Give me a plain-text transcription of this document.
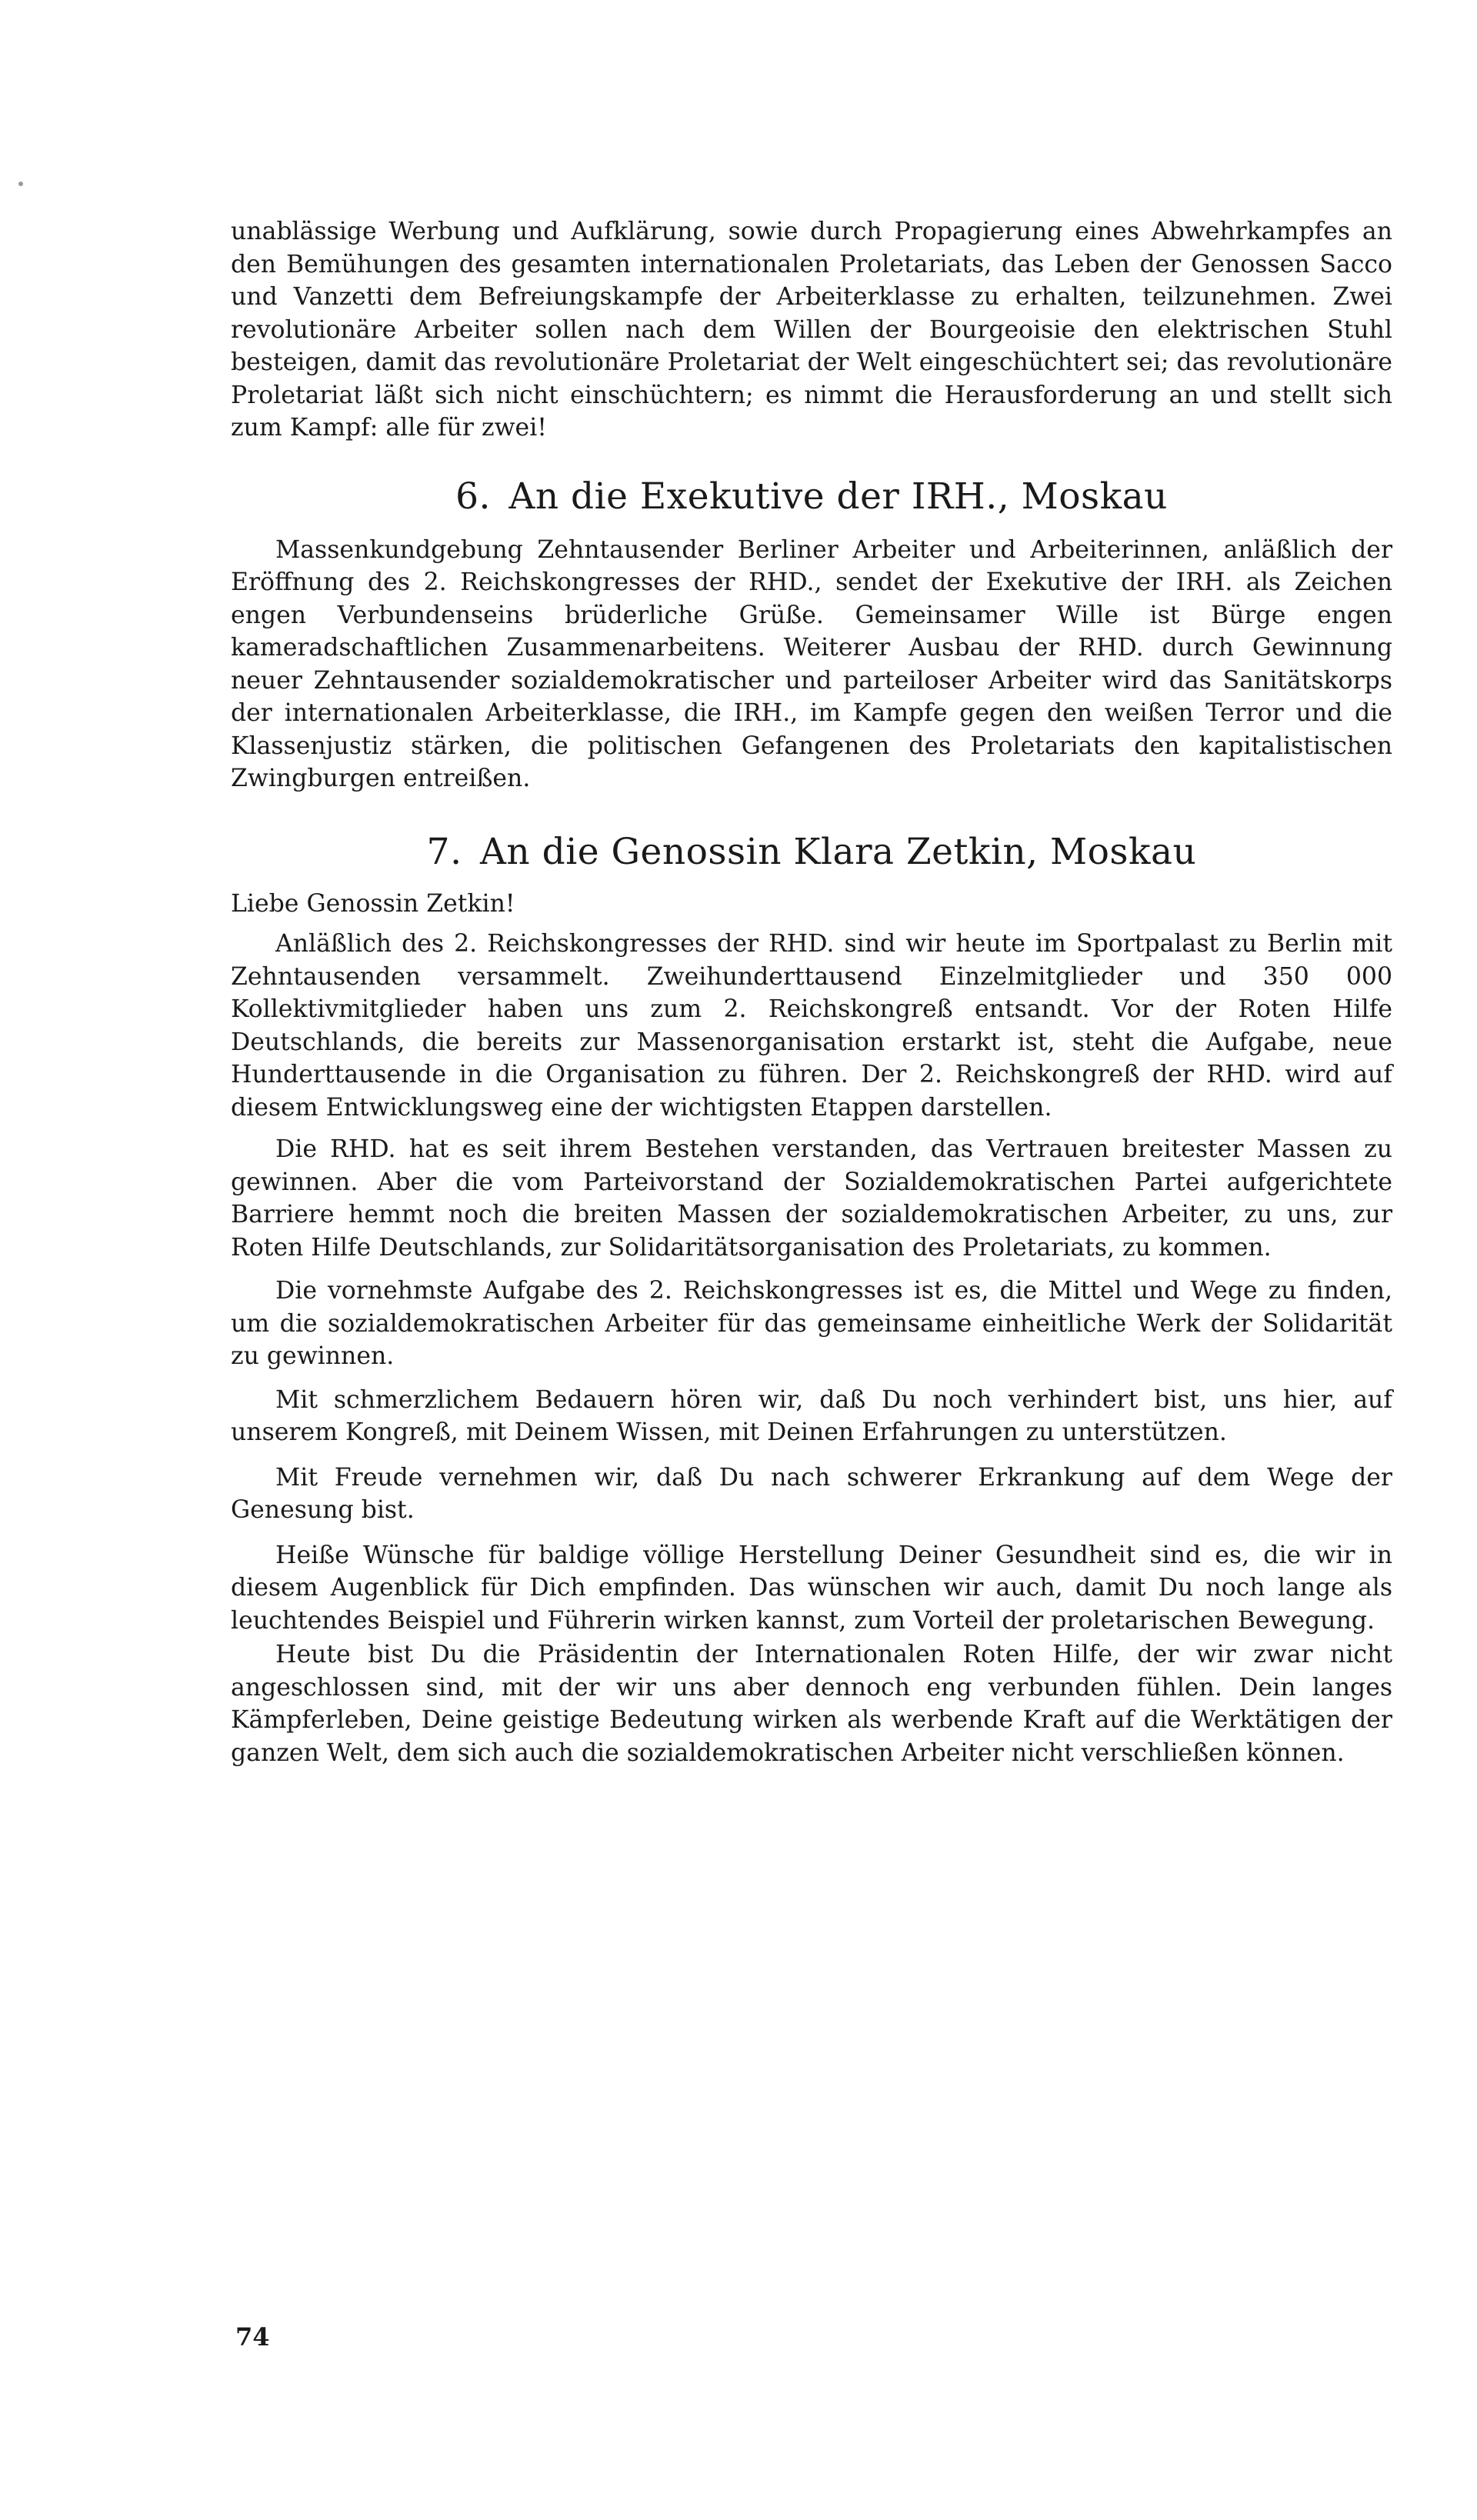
unablässige Werbung und Aufklärung, sowie durch Propagierung eines Abwehrkampfes an den Bemühungen des gesamten internationalen Proletariats, das Leben der Genossen Sacco und Vanzetti dem Befreiungskampfe der Arbeiterklasse zu erhalten, teilzunehmen. Zwei revolutionäre Arbeiter sollen nach dem Willen der Bourgeoisie den elektrischen Stuhl besteigen, damit das revolutionäre Proletariat der Welt eingeschüchtert sei; das revolutionäre Proletariat läßt sich nicht einschüchtern; es nimmt die Herausforderung an und stellt sich zum Kampf: alle für zwei!

6. An die Exekutive der IRH., Moskau

Massenkundgebung Zehntausender Berliner Arbeiter und Arbeiterinnen, anläßlich der Eröffnung des 2. Reichskongresses der RHD., sendet der Exekutive der IRH. als Zeichen engen Verbundenseins brüderliche Grüße. Gemeinsamer Wille ist Bürge engen kameradschaftlichen Zusammenarbeitens. Weiterer Ausbau der RHD. durch Gewinnung neuer Zehntausender sozialdemokratischer und parteiloser Arbeiter wird das Sanitätskorps der internationalen Arbeiterklasse, die IRH., im Kampfe gegen den weißen Terror und die Klassenjustiz stärken, die politischen Gefangenen des Proletariats den kapitalistischen Zwingburgen entreißen.

7. An die Genossin Klara Zetkin, Moskau

Liebe Genossin Zetkin!

Anläßlich des 2. Reichskongresses der RHD. sind wir heute im Sportpalast zu Berlin mit Zehntausenden versammelt. Zweihunderttausend Einzelmitglieder und 350 000 Kollektivmitglieder haben uns zum 2. Reichskongreß entsandt. Vor der Roten Hilfe Deutschlands, die bereits zur Massenorganisation erstarkt ist, steht die Aufgabe, neue Hunderttausende in die Organisation zu führen. Der 2. Reichskongreß der RHD. wird auf diesem Entwicklungsweg eine der wichtigsten Etappen darstellen.

Die RHD. hat es seit ihrem Bestehen verstanden, das Vertrauen breitester Massen zu gewinnen. Aber die vom Parteivorstand der Sozialdemokratischen Partei aufgerichtete Barriere hemmt noch die breiten Massen der sozialdemokratischen Arbeiter, zu uns, zur Roten Hilfe Deutschlands, zur Solidaritätsorganisation des Proletariats, zu kommen.

Die vornehmste Aufgabe des 2. Reichskongresses ist es, die Mittel und Wege zu finden, um die sozialdemokratischen Arbeiter für das gemeinsame einheitliche Werk der Solidarität zu gewinnen.

Mit schmerzlichem Bedauern hören wir, daß Du noch verhindert bist, uns hier, auf unserem Kongreß, mit Deinem Wissen, mit Deinen Erfahrungen zu unterstützen.

Mit Freude vernehmen wir, daß Du nach schwerer Erkrankung auf dem Wege der Genesung bist.

Heiße Wünsche für baldige völlige Herstellung Deiner Gesundheit sind es, die wir in diesem Augenblick für Dich empfinden. Das wünschen wir auch, damit Du noch lange als leuchtendes Beispiel und Führerin wirken kannst, zum Vorteil der proletarischen Bewegung.

Heute bist Du die Präsidentin der Internationalen Roten Hilfe, der wir zwar nicht angeschlossen sind, mit der wir uns aber dennoch eng verbunden fühlen. Dein langes Kämpferleben, Deine geistige Bedeutung wirken als werbende Kraft auf die Werktätigen der ganzen Welt, dem sich auch die sozialdemokratischen Arbeiter nicht verschließen können.

74
